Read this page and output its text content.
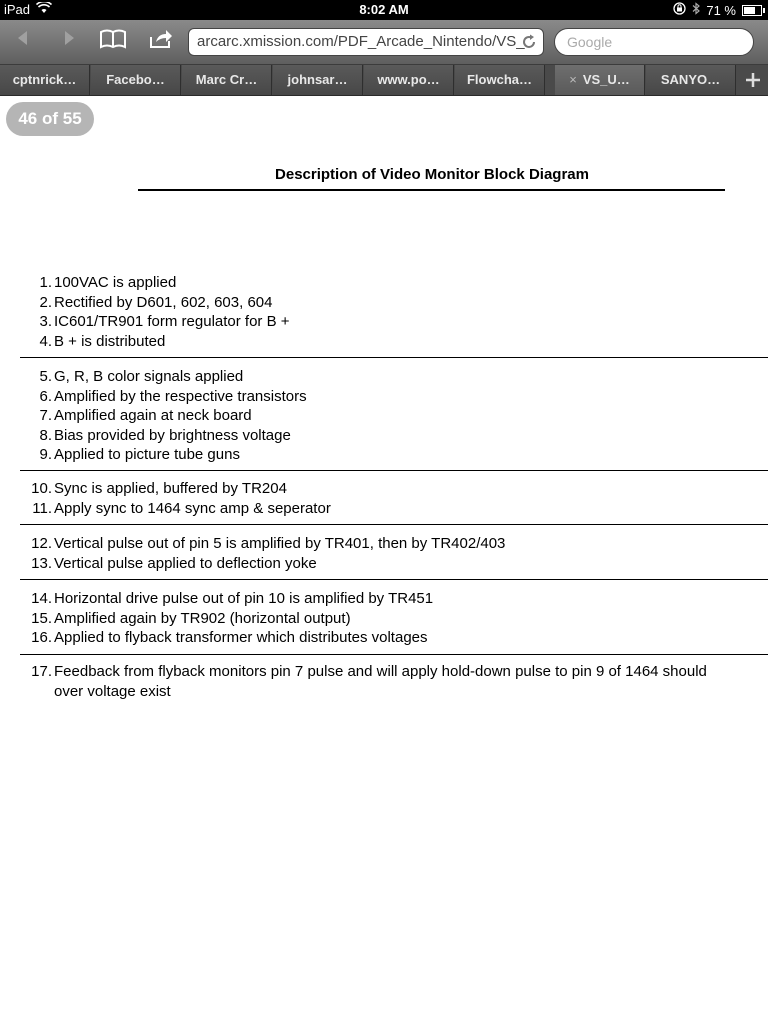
iPad	8:02 AM	71 %
arcarc.xmission.com/PDF_Arcade_Nintendo/VS_	Google
cptnrick…	Facebo…	Marc Cr…	johnsar…	www.po…	Flowcha…	× VS_U…	SANYO…
46 of 55
Description of Video Monitor Block Diagram
1. 100VAC is applied
2. Rectified by D601, 602, 603, 604
3. IC601/TR901 form regulator for B +
4. B + is distributed
5. G, R, B color signals applied
6. Amplified by the respective transistors
7. Amplified again at neck board
8. Bias provided by brightness voltage
9. Applied to picture tube guns
10. Sync is applied, buffered by TR204
11. Apply sync to 1464 sync amp & seperator
12. Vertical pulse out of pin 5 is amplified by TR401, then by TR402/403
13. Vertical pulse applied to deflection yoke
14. Horizontal drive pulse out of pin 10 is amplified by TR451
15. Amplified again by TR902 (horizontal output)
16. Applied to flyback transformer which distributes voltages
17. Feedback from flyback monitors pin 7 pulse and will apply hold-down pulse to pin 9 of 1464 should over voltage exist
